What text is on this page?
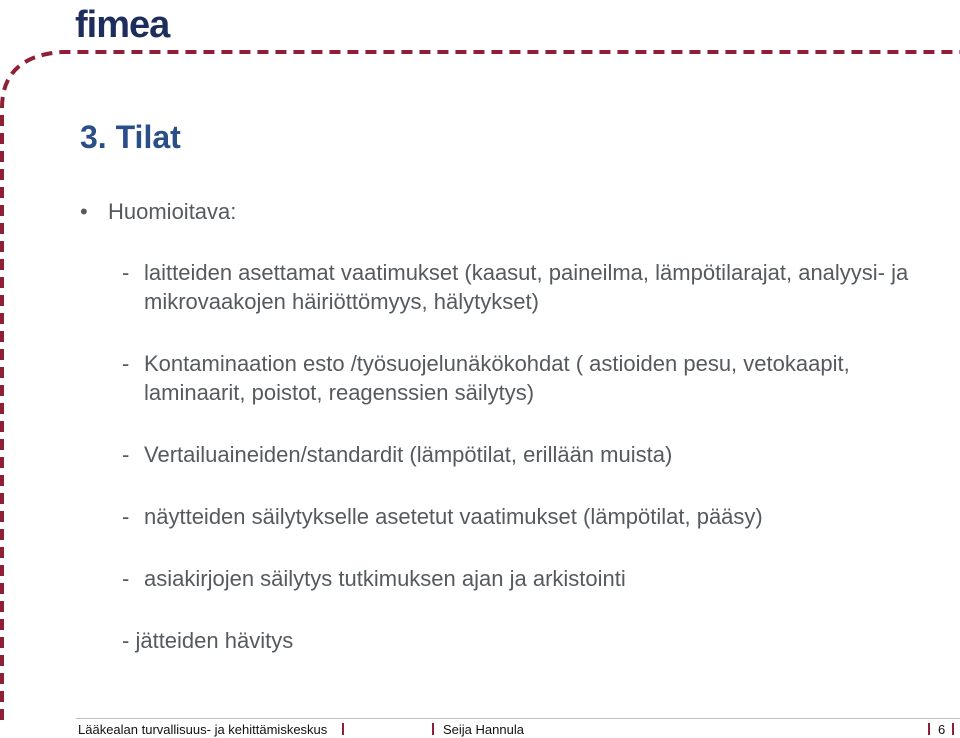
fimea
3. Tilat
• Huomioitava:
- laitteiden asettamat vaatimukset (kaasut, paineilma, lämpötilarajat, analyysi- ja mikrovaakojen häiriöttömyys, hälytykset)
- Kontaminaation esto /työsuojelunäkökohdat ( astioiden pesu, vetokaapit, laminaarit, poistot, reagenssien säilytys)
- Vertailuaineiden/standardit (lämpötilat, erillään muista)
- näytteiden säilytykselle asetetut vaatimukset (lämpötilat, pääsy)
- asiakirjojen säilytys tutkimuksen ajan ja arkistointi
- jätteiden hävitys
Lääkealan turvallisuus- ja kehittämiskeskus	Seija Hannula	6
